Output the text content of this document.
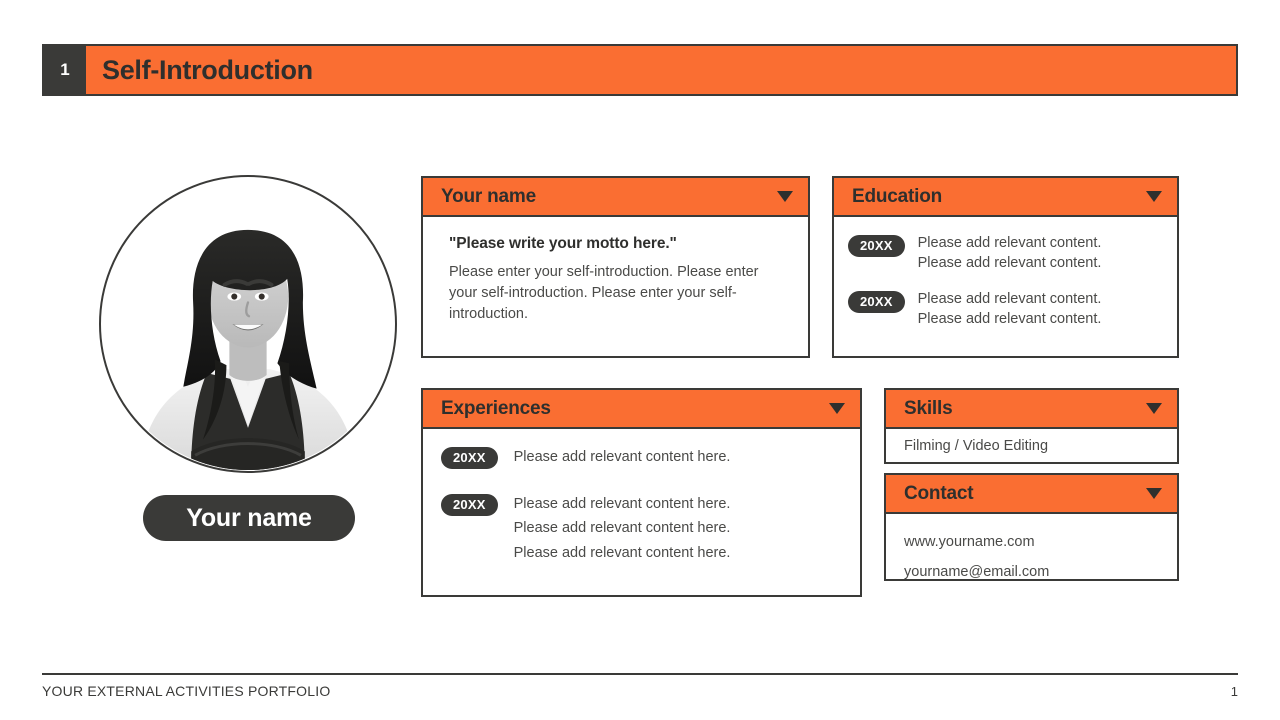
1	Self-Introduction
Your name
Your name

"Please write your motto here."

Please enter your self-introduction. Please enter your self-introduction. Please enter your self-introduction.

Education
20XX	Please add relevant content.
Please add relevant content.
20XX	Please add relevant content.
Please add relevant content.
Experiences
20XX	Please add relevant content here.
20XX	Please add relevant content here.
Please add relevant content here.
Please add relevant content here.
Skills
Filming / Video Editing
Contact
www.yourname.com
yourname@email.com
YOUR EXTERNAL ACTIVITIES PORTFOLIO	1
